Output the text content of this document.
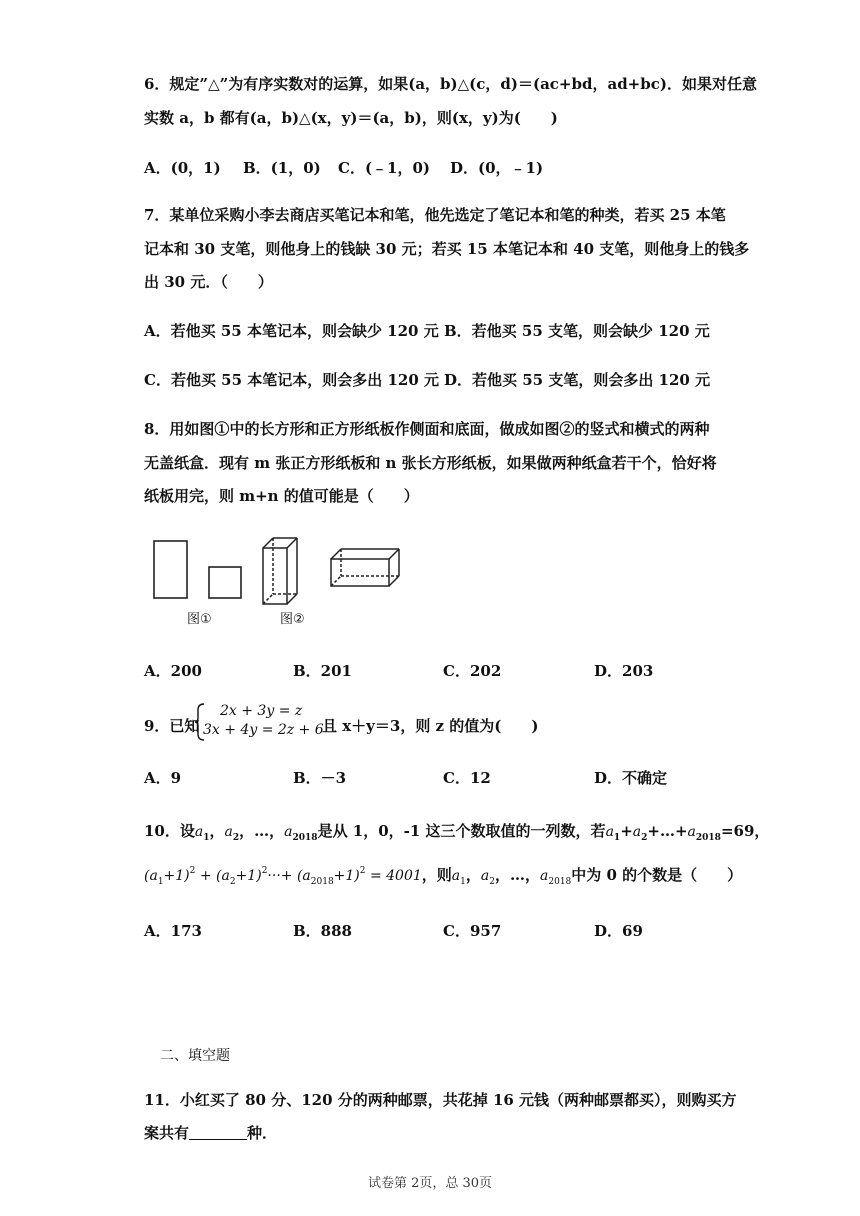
6．规定”△”为有序实数对的运算，如果(a，b)△(c，d)＝(ac+bd，ad+bc)．如果对任意
实数 a，b 都有(a，b)△(x，y)＝(a，b)，则(x，y)为(　　)
A．(0，1) B．(1，0) C．(﹣1，0) D．(0，﹣1)
7．某单位采购小李去商店买笔记本和笔，他先选定了笔记本和笔的种类，若买 25 本笔
记本和 30 支笔，则他身上的钱缺 30 元；若买 15 本笔记本和 40 支笔，则他身上的钱多
出 30 元．（　　）
A．若他买 55 本笔记本，则会缺少 120 元 B．若他买 55 支笔，则会缺少 120 元
C．若他买 55 本笔记本，则会多出 120 元 D．若他买 55 支笔，则会多出 120 元
8．用如图①中的长方形和正方形纸板作侧面和底面，做成如图②的竖式和横式的两种
无盖纸盒．现有 m 张正方形纸板和 n 张长方形纸板，如果做两种纸盒若干个，恰好将
纸板用完，则 m+n 的值可能是（　　）
图①	图②
A．200	B．201	C．202	D．203
9．已知
2x + 3y = z
3x + 4y = 2z + 6
且 x＋y＝3，则 z 的值为(　　)
A．9	B．－3	C．12	D．不确定
10．设$a_1$，$a_2$，…，$a_{2018}$是从 1，0，-1 这三个数取值的一列数，若$a_1+a_2+\dots+a_{2018}=69$，
$(a_1+1)^2 + (a_2+1)^2\cdot\cdot\cdot+ (a_{2018}+1)^2 = 4001$，则$a_1$，$a_2$，…，$a_{2018}$中为 0 的个数是（　　）
A．173	B．888	C．957	D．69
二、填空题
11．小红买了 80 分、120 分的两种邮票，共花掉 16 元钱（两种邮票都买），则购买方
案共有	种．
试卷第 2页，总 30页
